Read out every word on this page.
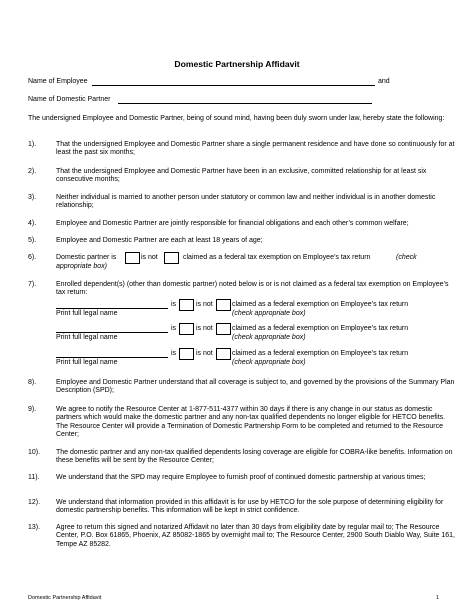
Domestic Partnership Affidavit
Name of Employee	and
Name of Domestic Partner
The undersigned Employee and Domestic Partner, being of sound mind, having been duly sworn under law, hereby state the following:
1).	That the undersigned Employee and Domestic Partner share a single permanent residence and have done so continuously for at least the past six months;
2).	That the undersigned Employee and Domestic Partner have been in an exclusive, committed relationship for at least six consecutive months;
3).	Neither individual is married to another person under statutory or common law and neither individual is in another domestic relationship;
4).	Employee and Domestic Partner are jointly responsible for financial obligations and each other’s common welfare;
5).	Employee and Domestic Partner are each at least 18 years of age;
6).	Domestic partner is	is not	claimed as a federal tax exemption on Employee’s tax return	(check
appropriate box)
7).	Enrolled dependent(s) (other than domestic partner) noted below is or is not claimed as a federal tax exemption on Employee’s tax return:
is	is not	claimed as a federal exemption on Employee’s tax return
Print full legal name	(check appropriate box)
is	is not	claimed as a federal exemption on Employee’s tax return
Print full legal name	(check appropriate box)
is	is not	claimed as a federal exemption on Employee’s tax return
Print full legal name	(check appropriate box)
8).	Employee and Domestic Partner understand that all coverage is subject to, and governed by the provisions of the Summary Plan Description (SPD);
9).	We agree to notify the Resource Center at 1-877-511-4377 within 30 days if there is any change in our status as domestic partners which would make the domestic partner and any non-tax qualified dependents no longer eligible for HETCO benefits. The Resource Center will provide a Termination of Domestic Partnership Form to be completed and returned to the Resource Center;
10).	The domestic partner and any non-tax qualified dependents losing coverage are eligible for COBRA-like benefits. Information on these benefits will be sent by the Resource Center;
11).	We understand that the SPD may require Employee to furnish proof of continued domestic partnership at various times;
12).	We understand that information provided in this affidavit is for use by HETCO for the sole purpose of determining eligibility for domestic partnership benefits. This information will be kept in strict confidence.
13).	Agree to return this signed and notarized Affidavit no later than 30 days from eligibility date by regular mail to; The Resource Center, P.O. Box 61865, Phoenix, AZ 85082-1865 by overnight mail to; The Resource Center, 2900 South Diablo Way, Suite 161, Tempe AZ 85282.
Domestic Partnership Affidavit	1
